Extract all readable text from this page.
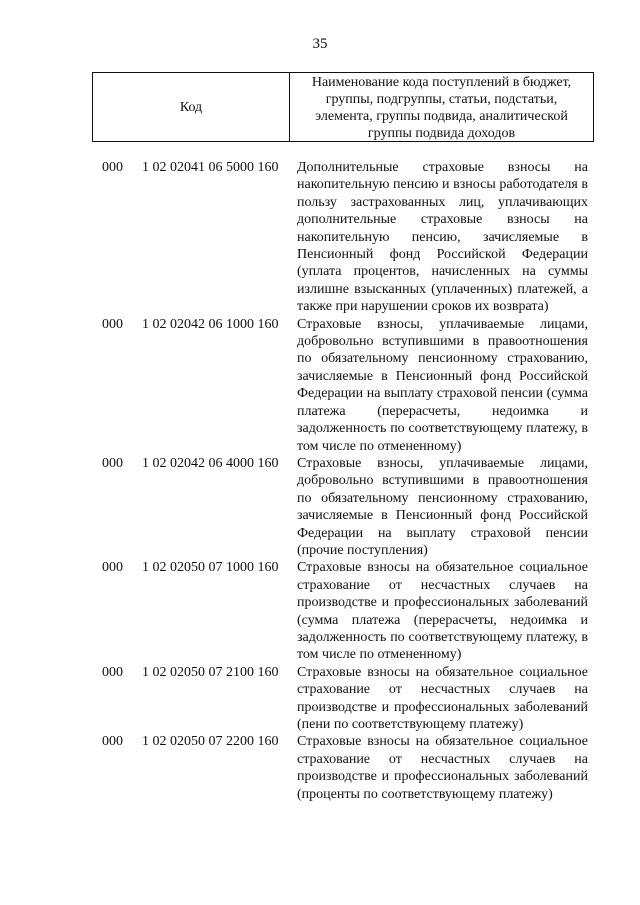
35
Код
Наименование кода поступлений в бюджет, группы, подгруппы, статьи, подстатьи, элемента, группы подвида, аналитической группы подвида доходов
000 1 02 02041 06 5000 160 Дополнительные страховые взносы на накопительную пенсию и взносы работодателя в пользу застрахованных лиц, уплачивающих дополнительные страховые взносы на накопительную пенсию, зачисляемые в Пенсионный фонд Российской Федерации (уплата процентов, начисленных на суммы излишне взысканных (уплаченных) платежей, а также при нарушении сроков их возврата)
000 1 02 02042 06 1000 160 Страховые взносы, уплачиваемые лицами, добровольно вступившими в правоотношения по обязательному пенсионному страхованию, зачисляемые в Пенсионный фонд Российской Федерации на выплату страховой пенсии (сумма платежа (перерасчеты, недоимка и задолженность по соответствующему платежу, в том числе по отмененному)
000 1 02 02042 06 4000 160 Страховые взносы, уплачиваемые лицами, добровольно вступившими в правоотношения по обязательному пенсионному страхованию, зачисляемые в Пенсионный фонд Российской Федерации на выплату страховой пенсии (прочие поступления)
000 1 02 02050 07 1000 160 Страховые взносы на обязательное социальное страхование от несчастных случаев на производстве и профессиональных заболеваний (сумма платежа (перерасчеты, недоимка и задолженность по соответствующему платежу, в том числе по отмененному)
000 1 02 02050 07 2100 160 Страховые взносы на обязательное социальное страхование от несчастных случаев на производстве и профессиональных заболеваний (пени по соответствующему платежу)
000 1 02 02050 07 2200 160 Страховые взносы на обязательное социальное страхование от несчастных случаев на производстве и профессиональных заболеваний (проценты по соответствующему платежу)
